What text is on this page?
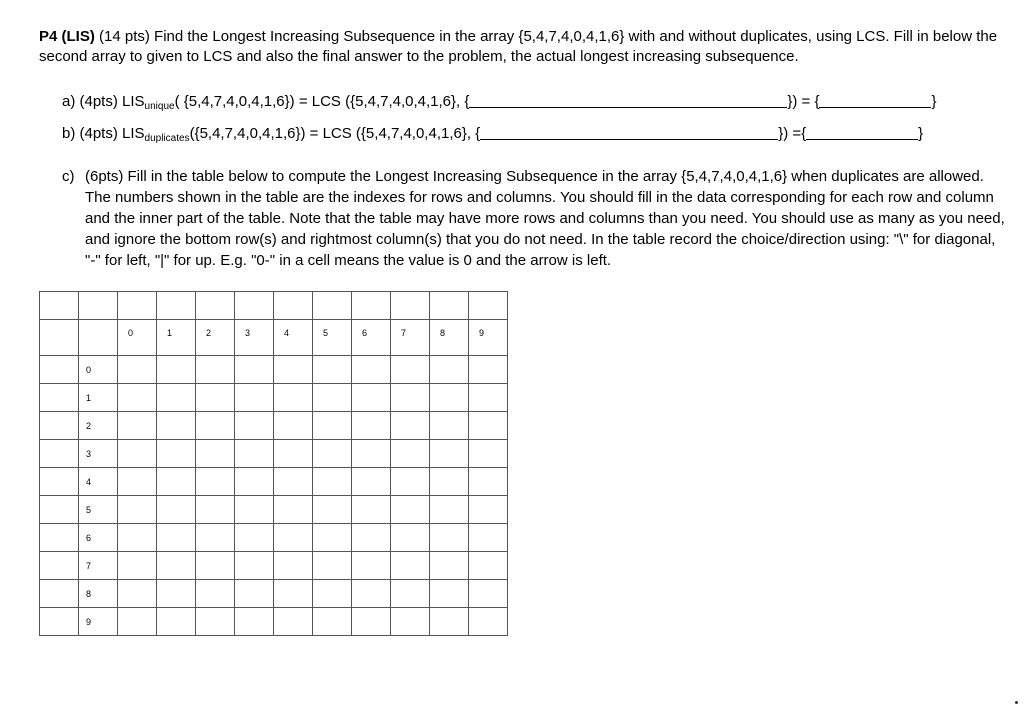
P4 (LIS) (14 pts) Find the Longest Increasing Subsequence in the array {5,4,7,4,0,4,1,6} with and without duplicates, using LCS. Fill in below the second array to given to LCS and also the final answer to the problem, the actual longest increasing subsequence.
a) (4pts) $LIS_{unique}$( {5,4,7,4,0,4,1,6}) = LCS ({5,4,7,4,0,4,1,6}, {	}) = {	}
b) (4pts) $LIS_{duplicates}(\{5,4,7,4,0,4,1,6\})$ = LCS ({5,4,7,4,0,4,1,6}, {	}) ={	}
c) (6pts) Fill in the table below to compute the Longest Increasing Subsequence in the array {5,4,7,4,0,4,1,6} when duplicates are allowed. The numbers shown in the table are the indexes for rows and columns. You should fill in the data corresponding for each row and column and the inner part of the table. Note that the table may have more rows and columns than you need. You should use as many as you need, and ignore the bottom row(s) and rightmost column(s) that you do not need. In the table record the choice/direction using: "\" for diagonal, "-" for left, "|" for up. E.g. "0-" in a cell means the value is 0 and the arrow is left.

		0	1	2	3	4	5	6	7	8	9
	0										
	1										
	2										
	3										
	4										
	5										
	6										
	7										
	8										
	9										
